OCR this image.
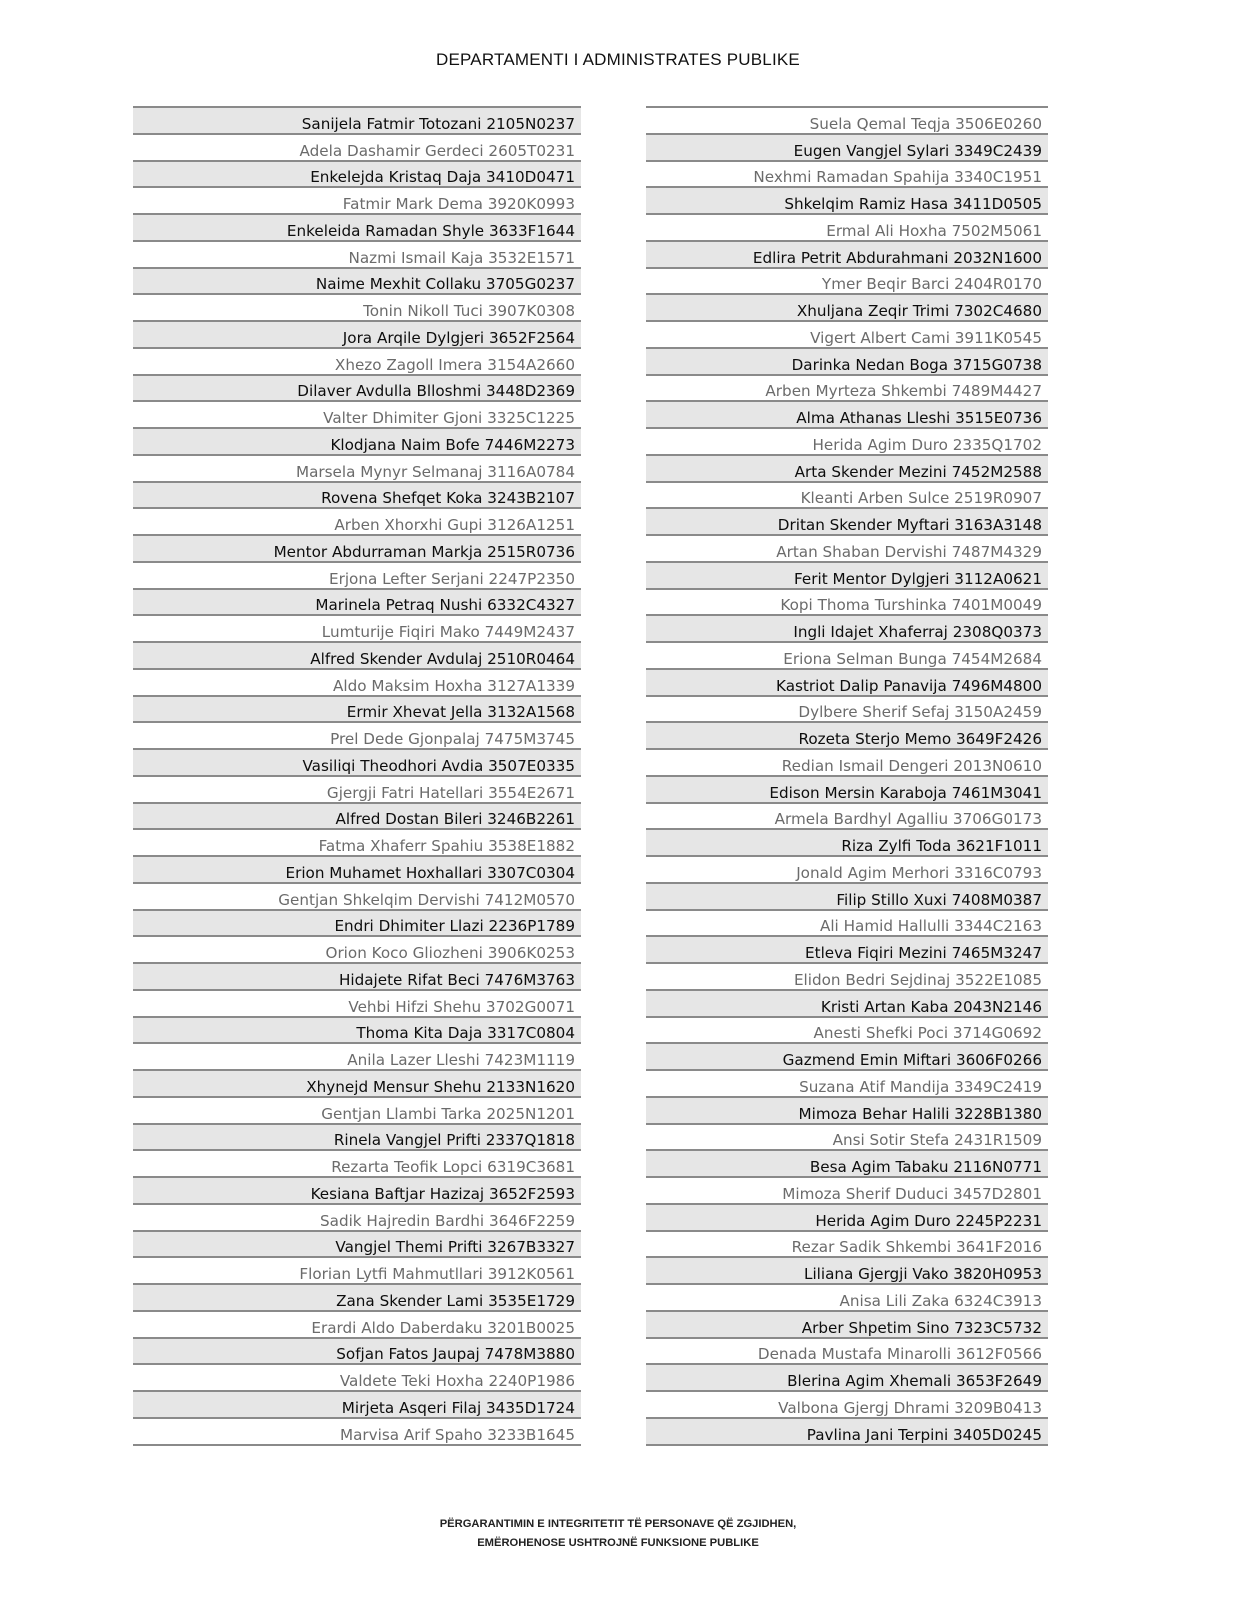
DEPARTAMENTI I ADMINISTRATES PUBLIKE
Sanijela Fatmir Totozani 2105N0237
Adela Dashamir Gerdeci 2605T0231
Enkelejda Kristaq Daja 3410D0471
Fatmir Mark Dema 3920K0993
Enkeleida Ramadan Shyle 3633F1644
Nazmi Ismail Kaja 3532E1571
Naime Mexhit Collaku 3705G0237
Tonin Nikoll Tuci 3907K0308
Jora Arqile Dylgjeri 3652F2564
Xhezo Zagoll Imera 3154A2660
Dilaver Avdulla Blloshmi 3448D2369
Valter Dhimiter Gjoni 3325C1225
Klodjana Naim Bofe 7446M2273
Marsela Mynyr Selmanaj 3116A0784
Rovena Shefqet Koka 3243B2107
Arben Xhorxhi Gupi 3126A1251
Mentor Abdurraman Markja 2515R0736
Erjona Lefter Serjani 2247P2350
Marinela Petraq Nushi 6332C4327
Lumturije Fiqiri Mako 7449M2437
Alfred Skender Avdulaj 2510R0464
Aldo Maksim Hoxha 3127A1339
Ermir Xhevat Jella 3132A1568
Prel Dede Gjonpalaj 7475M3745
Vasiliqi Theodhori Avdia 3507E0335
Gjergji Fatri Hatellari 3554E2671
Alfred Dostan Bileri 3246B2261
Fatma Xhaferr Spahiu 3538E1882
Erion Muhamet Hoxhallari 3307C0304
Gentjan Shkelqim Dervishi 7412M0570
Endri Dhimiter Llazi 2236P1789
Orion Koco Gliozheni 3906K0253
Hidajete Rifat Beci 7476M3763
Vehbi Hifzi Shehu 3702G0071
Thoma Kita Daja 3317C0804
Anila Lazer Lleshi 7423M1119
Xhynejd Mensur Shehu 2133N1620
Gentjan Llambi Tarka 2025N1201
Rinela Vangjel Prifti 2337Q1818
Rezarta Teofik Lopci 6319C3681
Kesiana Baftjar Hazizaj 3652F2593
Sadik Hajredin Bardhi 3646F2259
Vangjel Themi Prifti 3267B3327
Florian Lytfi Mahmutllari 3912K0561
Zana Skender Lami 3535E1729
Erardi Aldo Daberdaku 3201B0025
Sofjan Fatos Jaupaj 7478M3880
Valdete Teki Hoxha 2240P1986
Mirjeta Asqeri Filaj 3435D1724
Marvisa Arif Spaho 3233B1645
Suela Qemal Teqja 3506E0260
Eugen Vangjel Sylari 3349C2439
Nexhmi Ramadan Spahija 3340C1951
Shkelqim Ramiz Hasa 3411D0505
Ermal Ali Hoxha 7502M5061
Edlira Petrit Abdurahmani 2032N1600
Ymer Beqir Barci 2404R0170
Xhuljana Zeqir Trimi 7302C4680
Vigert Albert Cami 3911K0545
Darinka Nedan Boga 3715G0738
Arben Myrteza Shkembi 7489M4427
Alma Athanas Lleshi 3515E0736
Herida Agim Duro 2335Q1702
Arta Skender Mezini 7452M2588
Kleanti Arben Sulce 2519R0907
Dritan Skender Myftari 3163A3148
Artan Shaban Dervishi 7487M4329
Ferit Mentor Dylgjeri 3112A0621
Kopi Thoma Turshinka 7401M0049
Ingli Idajet Xhaferraj 2308Q0373
Eriona Selman Bunga 7454M2684
Kastriot Dalip Panavija 7496M4800
Dylbere Sherif Sefaj 3150A2459
Rozeta Sterjo Memo 3649F2426
Redian Ismail Dengeri 2013N0610
Edison Mersin Karaboja 7461M3041
Armela Bardhyl Agalliu 3706G0173
Riza Zylfi Toda 3621F1011
Jonald Agim Merhori 3316C0793
Filip Stillo Xuxi 7408M0387
Ali Hamid Hallulli 3344C2163
Etleva Fiqiri Mezini 7465M3247
Elidon Bedri Sejdinaj 3522E1085
Kristi Artan Kaba 2043N2146
Anesti Shefki Poci 3714G0692
Gazmend Emin Miftari 3606F0266
Suzana Atif Mandija 3349C2419
Mimoza Behar Halili 3228B1380
Ansi Sotir Stefa 2431R1509
Besa Agim Tabaku 2116N0771
Mimoza Sherif Duduci 3457D2801
Herida Agim Duro 2245P2231
Rezar Sadik Shkembi 3641F2016
Liliana Gjergji Vako 3820H0953
Anisa Lili Zaka 6324C3913
Arber Shpetim Sino 7323C5732
Denada Mustafa Minarolli 3612F0566
Blerina Agim Xhemali 3653F2649
Valbona Gjergj Dhrami 3209B0413
Pavlina Jani Terpini 3405D0245
PËRGARANTIMIN E INTEGRITETIT TË PERSONAVE QË ZGJIDHEN,
EMËROHENOSE USHTROJNË FUNKSIONE PUBLIKE
